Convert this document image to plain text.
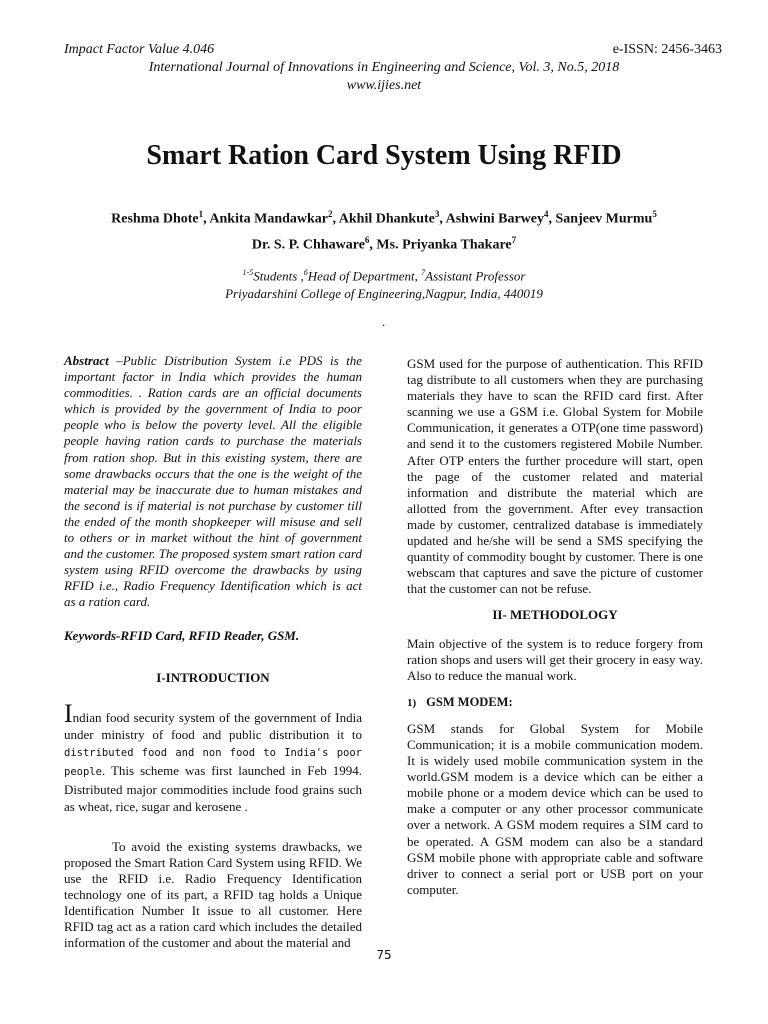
Impact Factor Value 4.046	e-ISSN: 2456-3463
International Journal of Innovations in Engineering and Science, Vol. 3, No.5, 2018
www.ijies.net
Smart Ration Card System Using RFID
Reshma Dhote$^1$, Ankita Mandawkar$^2$, Akhil Dhankute$^3$, Ashwini Barwey$^4$, Sanjeev Murmu$^5$
Dr. S. P. Chhaware$^6$, Ms. Priyanka Thakare$^7$
$^{1-5}$Students ,$^6$Head of Department, $^7$Assistant Professor
Priyadarshini College of Engineering,Nagpur, India, 440019
.

Abstract –Public Distribution System i.e PDS is the important factor in India which provides the human commodities. . Ration cards are an official documents which is provided by the government of India to poor people who is below the poverty level. All the eligible people having ration cards to purchase the materials from ration shop. But in this existing system, there are some drawbacks occurs that the one is the weight of the material may be inaccurate due to human mistakes and the second is if material is not purchase by customer till the ended of the month shopkeeper will misuse and sell to others or in market without the hint of government and the customer. The proposed system smart ration card system using RFID overcome the drawbacks by using RFID i.e., Radio Frequency Identification which is act as a ration card.

Keywords-RFID Card, RFID Reader, GSM.

I-INTRODUCTION

Indian food security system of the government of India under ministry of food and public distribution it to distributed food and non food to India's poor people. This scheme was first launched in Feb 1994. Distributed major commodities include food grains such as wheat, rice, sugar and kerosene .

To avoid the existing systems drawbacks, we proposed the Smart Ration Card System using RFID. We use the RFID i.e. Radio Frequency Identification technology one of its part, a RFID tag holds a Unique Identification Number It issue to all customer. Here RFID tag act as a ration card which includes the detailed information of the customer and about the material and

GSM used for the purpose of authentication. This RFID tag distribute to all customers when they are purchasing materials they have to scan the RFID card first. After scanning we use a GSM i.e. Global System for Mobile Communication, it generates a OTP(one time password) and send it to the customers registered Mobile Number. After OTP enters the further procedure will start, open the page of the customer related and material information and distribute the material which are allotted from the government. After evey transaction made by customer, centralized database is immediately updated and he/she will be send a SMS specifying the quantity of commodity bought by customer. There is one webscam that captures and save the picture of customer that the customer can not be refuse.

II- METHODOLOGY

Main objective of the system is to reduce forgery from ration shops and users will get their grocery in easy way. Also to reduce the manual work.

1) GSM MODEM:

GSM stands for Global System for Mobile Communication; it is a mobile communication modem. It is widely used mobile communication system in the world.GSM modem is a device which can be either a mobile phone or a modem device which can be used to make a computer or any other processor communicate over a network. A GSM modem requires a SIM card to be operated. A GSM modem can also be a standard GSM mobile phone with appropriate cable and software driver to connect a serial port or USB port on your computer.

75
